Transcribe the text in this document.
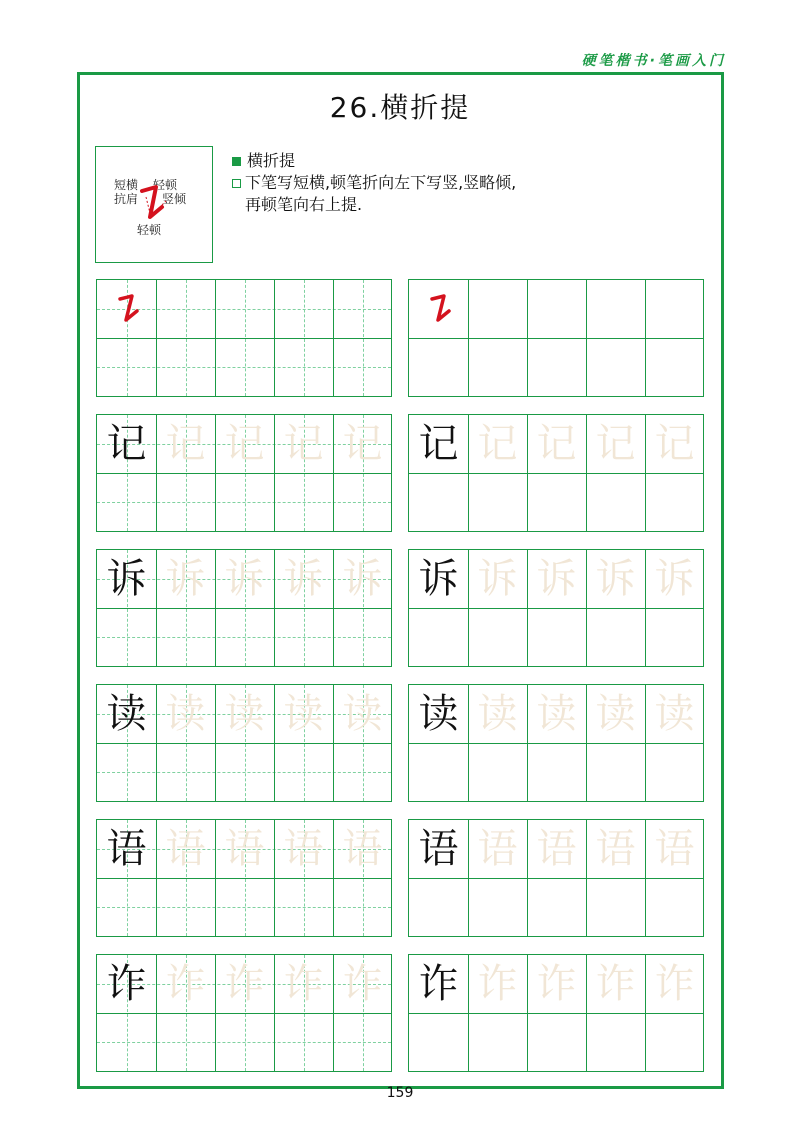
硬笔楷书·笔画入门
26.横折提
短横
抗肩
轻顿
竖倾
轻顿
横折提
下笔写短横,顿笔折向左下写竖,竖略倾,
再顿笔向右上提.
记 记 记 记 记 记 记 记 记 记
诉 诉 诉 诉 诉 诉 诉 诉 诉 诉
读 读 读 读 读 读 读 读 读 读
语 语 语 语 语 语 语 语 语 语
诈 诈 诈 诈 诈 诈 诈 诈 诈 诈
159
